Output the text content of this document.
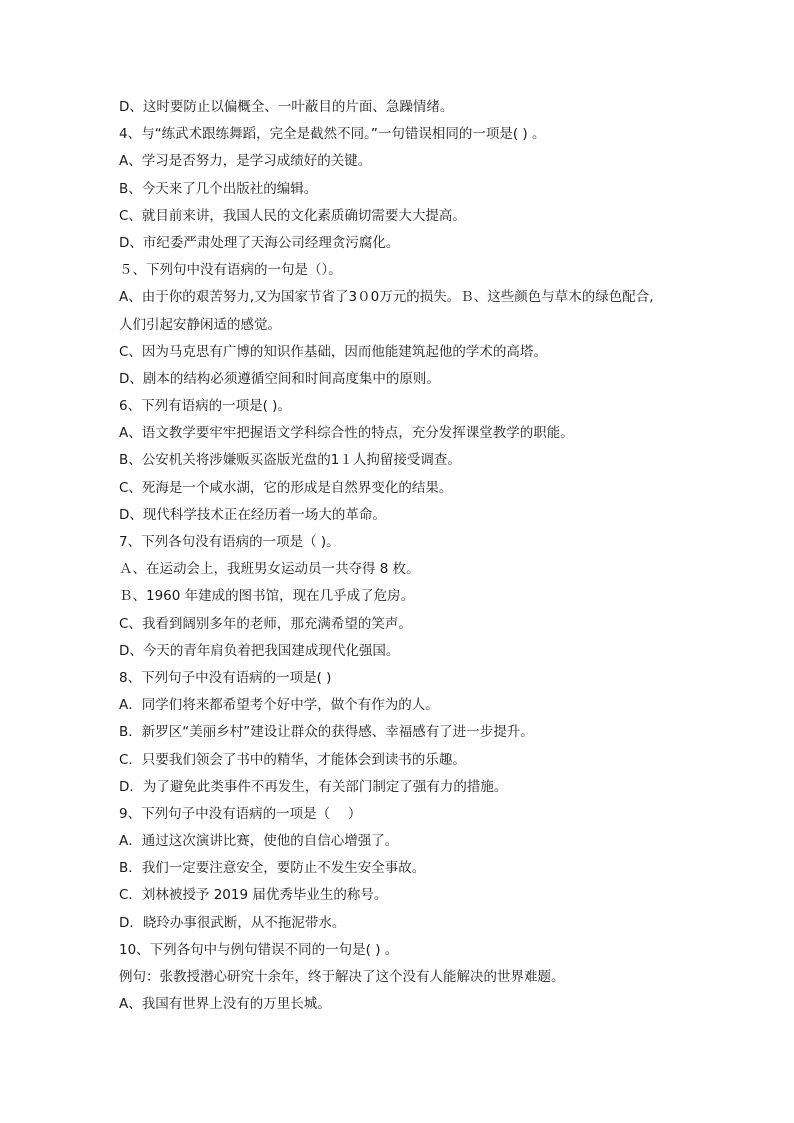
D、这时要防止以偏概全、一叶蔽目的片面、急躁情绪。
4、与“练武术跟练舞蹈，完全是截然不同。”一句错误相同的一项是( ) 。
A、学习是否努力，是学习成绩好的关键。
B、今天来了几个出版社的编辑。
C、就目前来讲，我国人民的文化素质确切需要大大提高。
D、市纪委严肃处理了天海公司经理贪污腐化。
５、下列句中没有语病的一句是（）。
A、由于你的艰苦努力,又为国家节省了3０0万元的损失。Ｂ、这些颜色与草木的绿色配合,
人们引起安静闲适的感觉。
C、因为马克思有广博的知识作基础，因而他能建筑起他的学术的高塔。
D、剧本的结构必须遵循空间和时间高度集中的原则。
6、下列有语病的一项是( )。
A、语文教学要牢牢把握语文学科综合性的特点，充分发挥课堂教学的职能。
B、公安机关将涉嫌贩买盗版光盘的1１人拘留接受调查。
C、死海是一个咸水湖，它的形成是自然界变化的结果。
D、现代科学技术正在经历着一场大的革命。
7、下列各句没有语病的一项是（ )。
Ａ、在运动会上，我班男女运动员一共夺得 8 枚。
Ｂ、1960 年建成的图书馆，现在几乎成了危房。
C、我看到阔别多年的老师，那充满希望的笑声。
D、今天的青年肩负着把我国建成现代化强国。
8、下列句子中没有语病的一项是( )
A．同学们将来都希望考个好中学，做个有作为的人。
B．新罗区“美丽乡村”建设让群众的获得感、幸福感有了进一步提升。
C．只要我们领会了书中的精华，才能体会到读书的乐趣。
D．为了避免此类事件不再发生，有关部门制定了强有力的措施。
9、下列句子中没有语病的一项是（　 ）
A．通过这次演讲比赛，使他的自信心增强了。
B．我们一定要注意安全，要防止不发生安全事故。
C．刘林被授予 2019 届优秀毕业生的称号。
D．晓玲办事很武断，从不拖泥带水。
10、下列各句中与例句错误不同的一句是( ) 。
例句：张教授潜心研究十余年，终于解决了这个没有人能解决的世界难题。
A、我国有世界上没有的万里长城。
